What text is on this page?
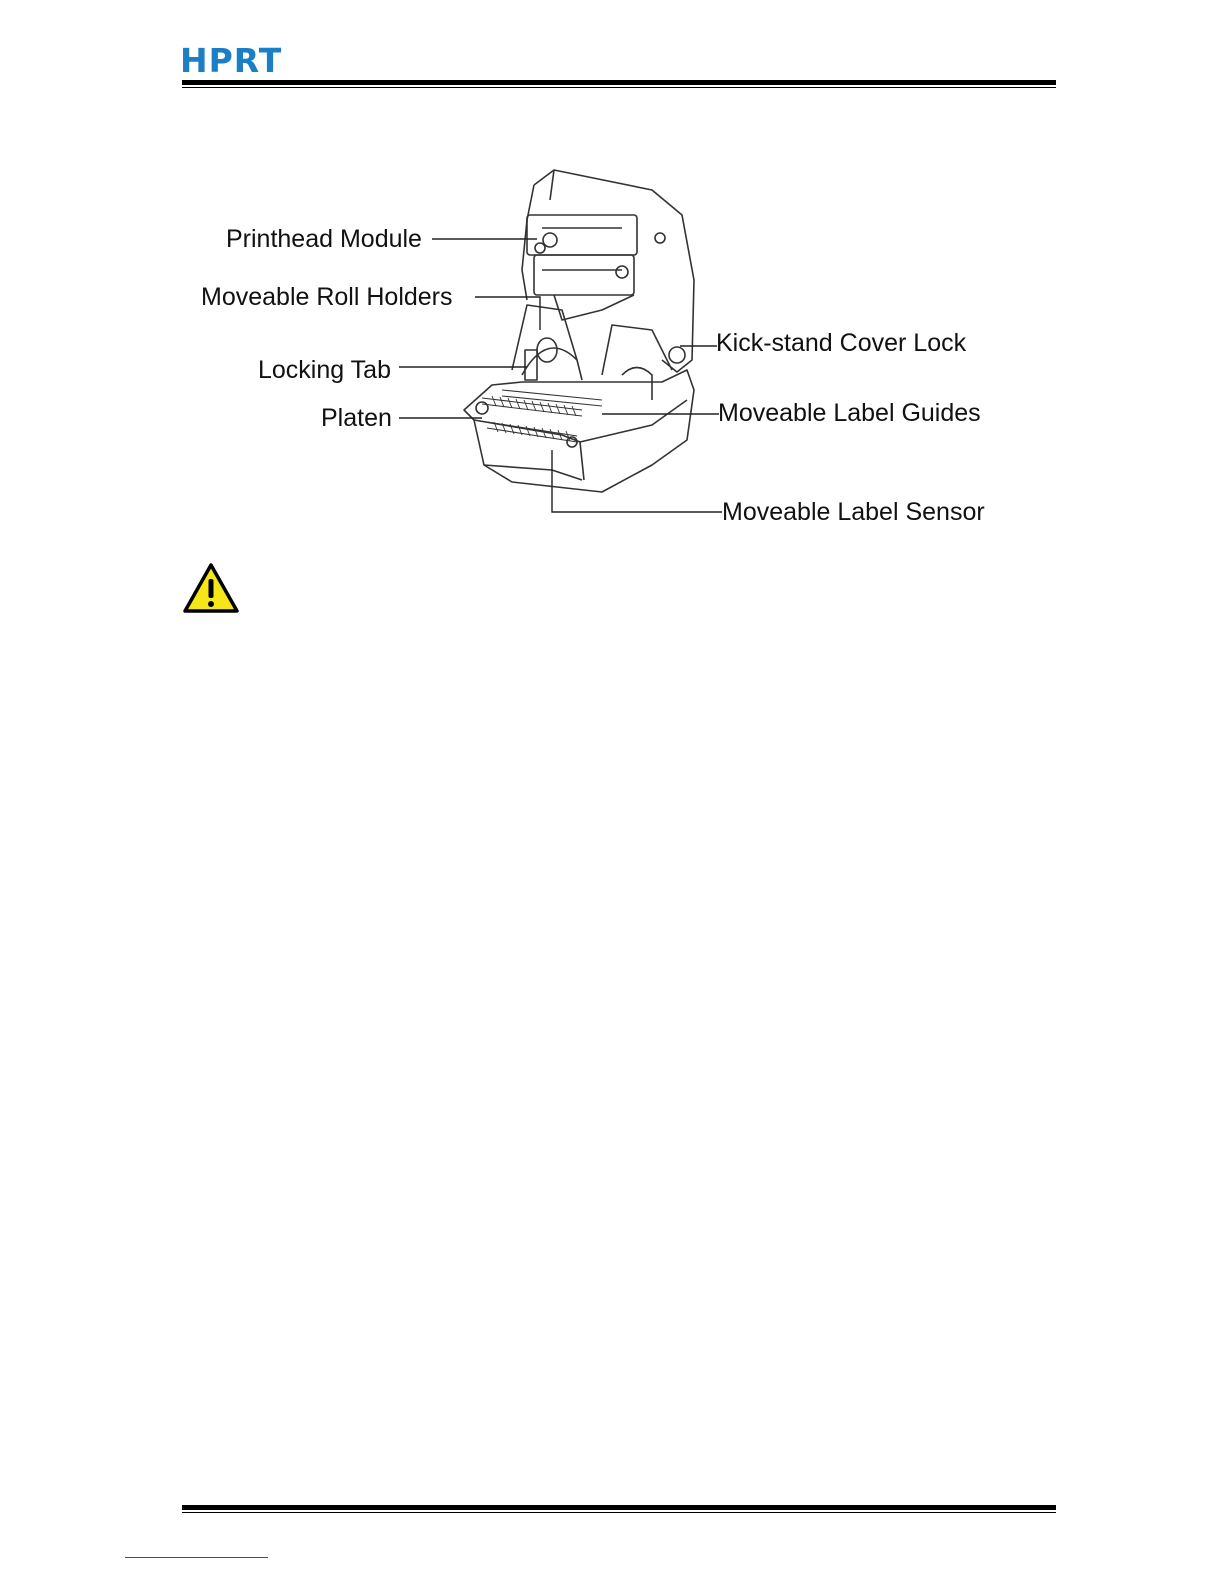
HPRT
Printhead Module
Moveable Roll Holders
Locking Tab
Platen
Kick-stand Cover Lock
Moveable Label Guides
Moveable Label Sensor
